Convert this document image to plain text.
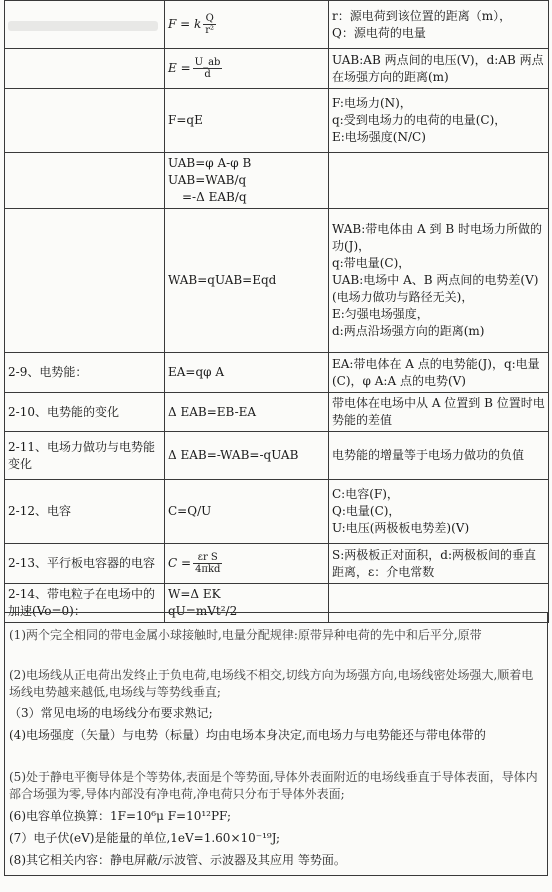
	F = k $\frac{Q}{\text{r²}}$	r：源电荷到该位置的距离（m），
Q：源电荷的电量

	$E = \frac{U\_ab}{d}$	UAB:AB 两点间的电压(V)，d:AB 两点在场强方向的距离(m)

	F=qE	F:电场力(N)，
q:受到电场力的电荷的电量(C)，
E:电场强度(N/C)

	UAB=φ A-φ B
UAB=WAB/q
=-Δ EAB/q	

	WAB=qUAB=Eqd	WAB:带电体由 A 到 B 时电场力所做的功(J)，
q:带电量(C)，
UAB:电场中 A、B 两点间的电势差(V)(电场力做功与路径无关)，
E:匀强电场强度，
d:两点沿场强方向的距离(m)

2-9、电势能：	EA=qφ A	EA:带电体在 A 点的电势能(J)，q:电量(C)，φ A:A 点的电势(V)

2-10、电势能的变化	Δ EAB=EB-EA	带电体在电场中从 A 位置到 B 位置时电势能的差值

2-11、电场力做功与电势能变化	Δ EAB=-WAB=-qUAB	电势能的增量等于电场力做功的负值

2-12、电容	C=Q/U	C:电容(F)，
Q:电量(C)，
U:电压(两极板电势差)(V)

2-13、平行板电容器的电容	$C = \frac{\text{εr S}}{\text{4πkd}}$	S:两极板正对面积，d:两极板间的垂直距离，ε：介电常数

2-14、带电粒子在电场中的加速(Vo=0)：	W=Δ EK
qU=mVt²/2	

(1)两个完全相同的带电金属小球接触时,电量分配规律:原带异种电荷的先中和后平分,原带
(2)电场线从正电荷出发终止于负电荷,电场线不相交,切线方向为场强方向,电场线密处场强大,顺着电场线电势越来越低,电场线与等势线垂直;
（3）常见电场的电场线分布要求熟记;
(4)电场强度（矢量）与电势（标量）均由电场本身决定,而电场力与电势能还与带电体带的
(5)处于静电平衡导体是个等势体,表面是个等势面,导体外表面附近的电场线垂直于导体表面，导体内部合场强为零,导体内部没有净电荷,净电荷只分布于导体外表面;
(6)电容单位换算：1F=10⁶μ F=10¹²PF;
(7）电子伏(eV)是能量的单位,1eV=1.60×10⁻¹⁹J;
(8)其它相关内容：静电屏蔽/示波管、示波器及其应用 等势面。
